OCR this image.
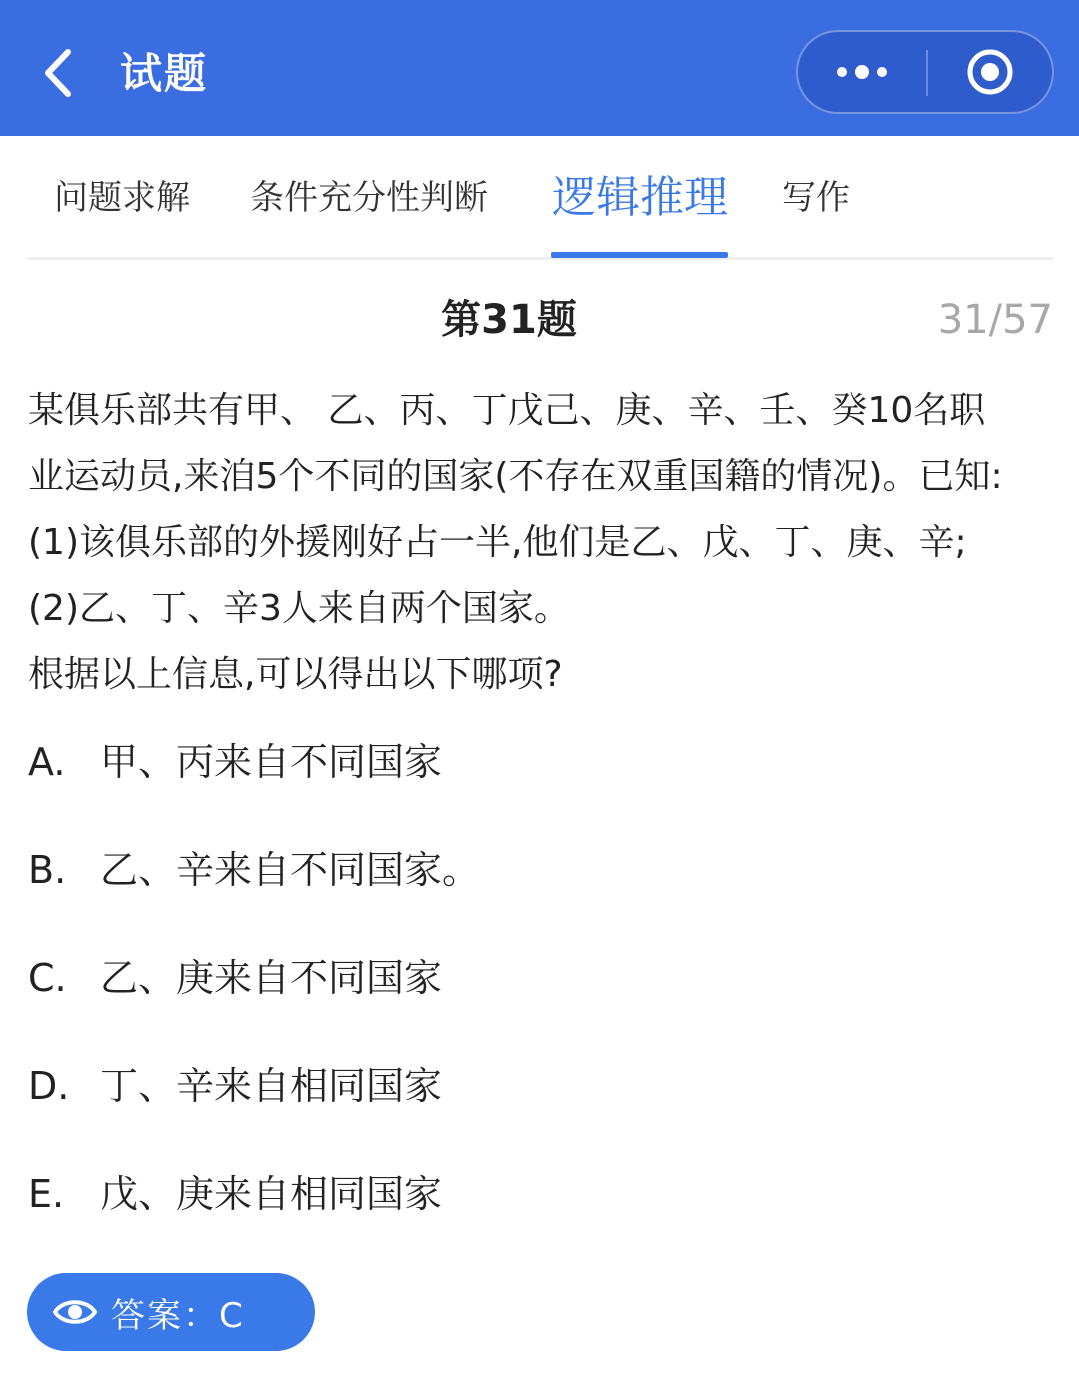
试题
问题求解 条件充分性判断 逻辑推理 写作
第31题	31/57
某俱乐部共有甲、 乙、丙、丁戊己、庚、辛、壬、癸10名职
业运动员,来洎5个不同的国家(不存在双重国籍的情况)。已知:
(1)该俱乐部的外援刚好占一半,他们是乙、戊、丁、庚、辛;
(2)乙、丁、辛3人来自两个国家。
根据以上信息,可以得出以下哪项?
A. 甲、丙来自不同国家
B. 乙、辛来自不同国家。
C. 乙、庚来自不同国家
D. 丁、辛来自相同国家
E. 戊、庚来自相同国家
答案：C
